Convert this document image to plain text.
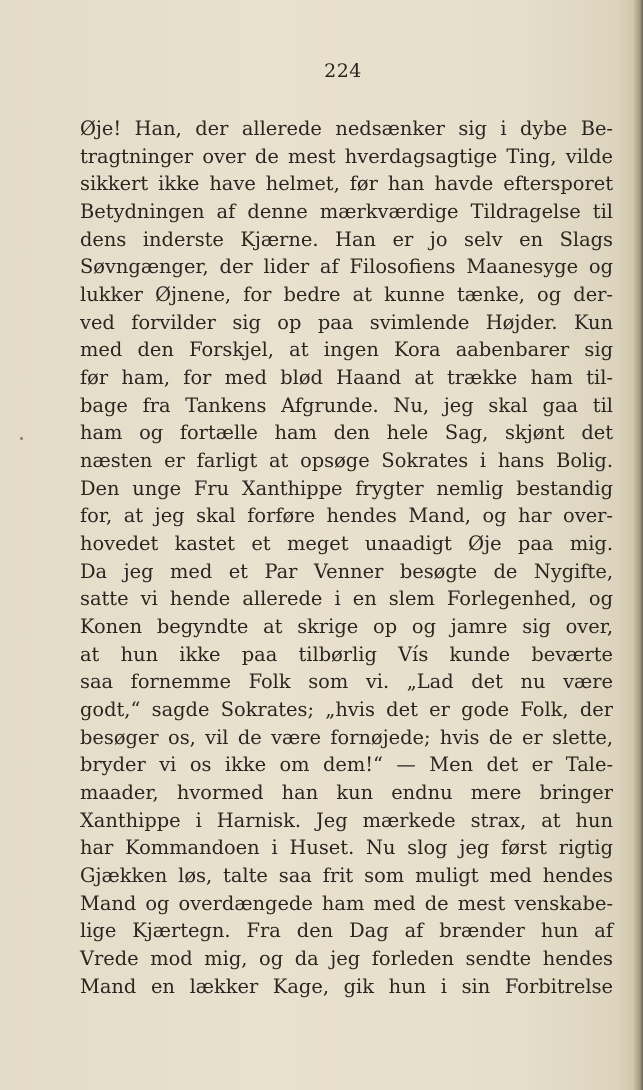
224
Øje! Han, der allerede nedsænker sig i dybe Be-
tragtninger over de mest hverdagsagtige Ting, vilde
sikkert ikke have helmet, før han havde eftersporet
Betydningen af denne mærkværdige Tildragelse til
dens inderste Kjærne. Han er jo selv en Slags
Søvngænger, der lider af Filosofiens Maanesyge og
lukker Øjnene, for bedre at kunne tænke, og der-
ved forvilder sig op paa svimlende Højder. Kun
med den Forskjel, at ingen Kora aabenbarer sig
før ham, for med blød Haand at trække ham til-
bage fra Tankens Afgrunde. Nu, jeg skal gaa til
ham og fortælle ham den hele Sag, skjønt det
næsten er farligt at opsøge Sokrates i hans Bolig.
Den unge Fru Xanthippe frygter nemlig bestandig
for, at jeg skal forføre hendes Mand, og har over-
hovedet kastet et meget unaadigt Øje paa mig.
Da jeg med et Par Venner besøgte de Nygifte,
satte vi hende allerede i en slem Forlegenhed, og
Konen begyndte at skrige op og jamre sig over,
at hun ikke paa tilbørlig Vís kunde beværte
saa fornemme Folk som vi. „Lad det nu være
godt,“ sagde Sokrates; „hvis det er gode Folk, der
besøger os, vil de være fornøjede; hvis de er slette,
bryder vi os ikke om dem!“ — Men det er Tale-
maader, hvormed han kun endnu mere bringer
Xanthippe i Harnisk. Jeg mærkede strax, at hun
har Kommandoen i Huset. Nu slog jeg først rigtig
Gjækken løs, talte saa frit som muligt med hendes
Mand og overdængede ham med de mest venskabe-
lige Kjærtegn. Fra den Dag af brænder hun af
Vrede mod mig, og da jeg forleden sendte hendes
Mand en lækker Kage, gik hun i sin Forbitrelse
